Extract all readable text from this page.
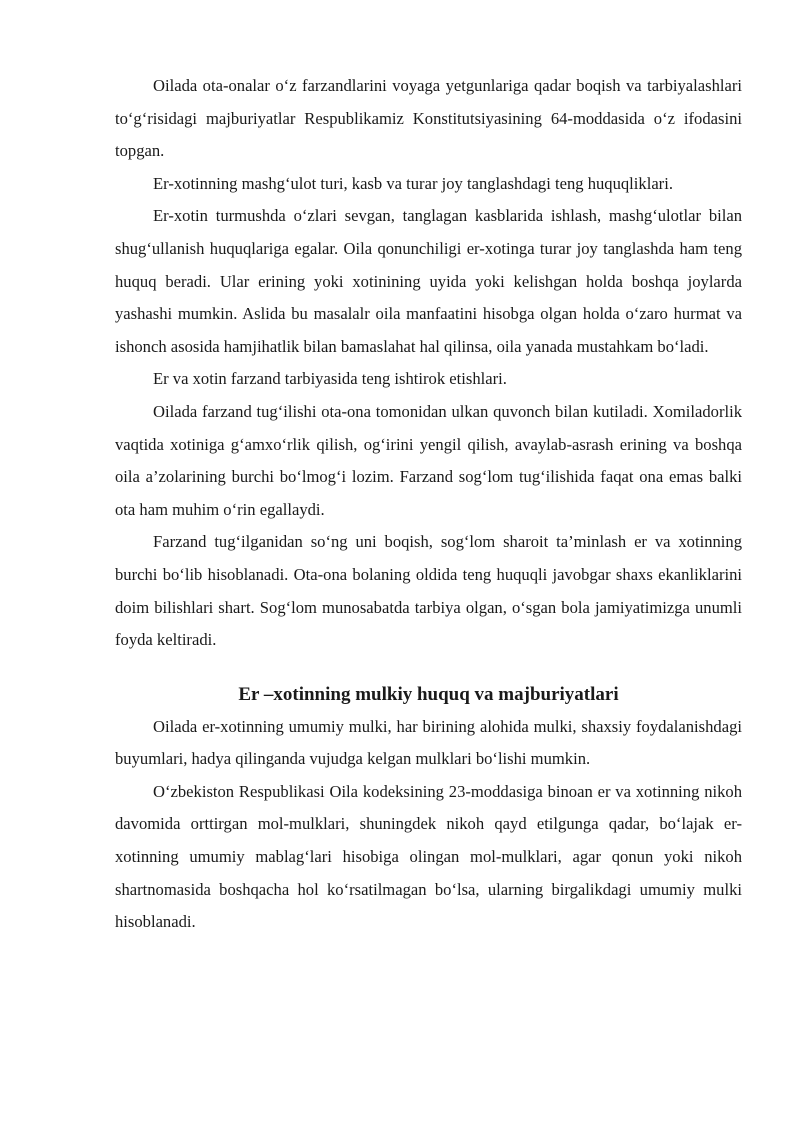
Oilada ota-onalar o‘z farzandlarini voyaga yetgunlariga qadar boqish va tarbiyalashlari to‘g‘risidagi majburiyatlar Respublikamiz Konstitutsiyasining 64-moddasida o‘z ifodasini topgan.

Er-xotinning mashg‘ulot turi, kasb va turar joy tanglashdagi teng huquqliklari.

Er-xotin turmushda o‘zlari sevgan, tanglagan kasblarida ishlash, mashg‘ulotlar bilan shug‘ullanish huquqlariga egalar. Oila qonunchiligi er-xotinga turar joy tanglashda ham teng huquq beradi. Ular erining yoki xotinining uyida yoki kelishgan holda boshqa joylarda yashashi mumkin. Aslida bu masalalr oila manfaatini hisobga olgan holda o‘zaro hurmat va ishonch asosida hamjihatlik bilan bamaslahat hal qilinsa, oila yanada mustahkam bo‘ladi.

Er va xotin farzand tarbiyasida teng ishtirok etishlari.

Oilada farzand tug‘ilishi ota-ona tomonidan ulkan quvonch bilan kutiladi. Xomiladorlik vaqtida xotiniga g‘amxo‘rlik qilish, og‘irini yengil qilish, avaylab-asrash erining va boshqa oila a’zolarining burchi bo‘lmog‘i lozim. Farzand sog‘lom tug‘ilishida faqat ona emas balki ota ham muhim o‘rin egallaydi.

Farzand tug‘ilganidan so‘ng uni boqish, sog‘lom sharoit ta’minlash er va xotinning burchi bo‘lib hisoblanadi. Ota-ona bolaning oldida teng huquqli javobgar shaxs ekanliklarini doim bilishlari shart. Sog‘lom munosabatda tarbiya olgan, o‘sgan bola jamiyatimizga unumli foyda keltiradi.

Er –xotinning mulkiy huquq va majburiyatlari

Oilada er-xotinning umumiy mulki, har birining alohida mulki, shaxsiy foydalanishdagi buyumlari, hadya qilinganda vujudga kelgan mulklari bo‘lishi mumkin.

O‘zbekiston Respublikasi Oila kodeksining 23-moddasiga binoan er va xotinning nikoh davomida orttirgan mol-mulklari, shuningdek nikoh qayd etilgunga qadar, bo‘lajak er-xotinning umumiy mablag‘lari hisobiga olingan mol-mulklari, agar qonun yoki nikoh shartnomasida boshqacha hol ko‘rsatilmagan bo‘lsa, ularning birgalikdagi umumiy mulki hisoblanadi.
